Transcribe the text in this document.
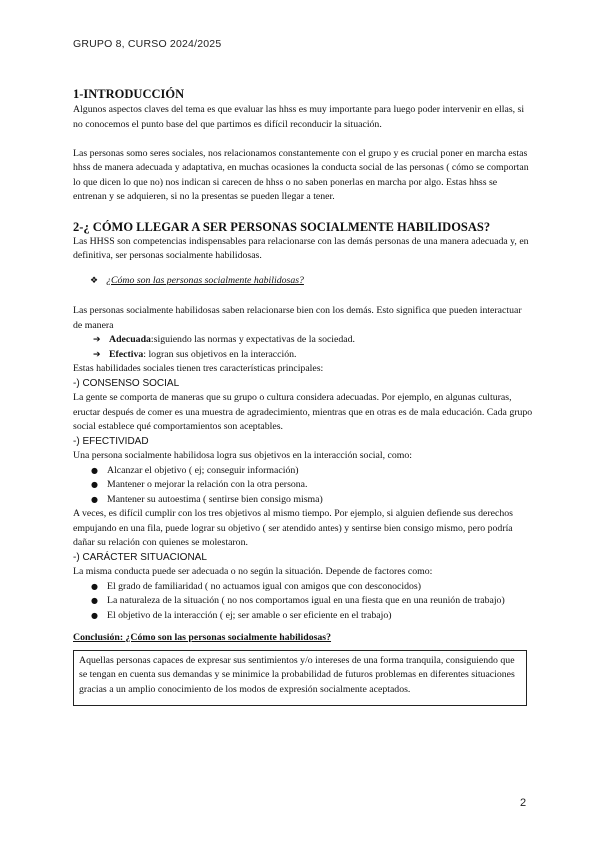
GRUPO 8, CURSO 2024/2025
1-INTRODUCCIÓN

Algunos aspectos claves del tema es que evaluar las hhss es muy importante para luego poder intervenir en ellas, si no conocemos el punto base del que partimos es difícil reconducir la situación.

Las personas somo seres sociales, nos relacionamos constantemente con el grupo y es crucial poner en marcha estas hhss de manera adecuada y adaptativa, en muchas ocasiones la conducta social de las personas ( cómo se comportan lo que dicen lo que no) nos indican si carecen de hhss o no saben ponerlas en marcha por algo. Estas hhss se entrenan y se adquieren, si no la presentas se pueden llegar a tener.

2-¿ CÓMO LLEGAR A SER PERSONAS SOCIALMENTE HABILIDOSAS?

Las HHSS son competencias indispensables para relacionarse con las demás personas de una manera adecuada y, en definitiva, ser personas socialmente habilidosas.

❖ ¿Cómo son las personas socialmente habilidosas?

Las personas socialmente habilidosas saben relacionarse bien con los demás. Esto significa que pueden interactuar de manera

➔ Adecuada:siguiendo las normas y expectativas de la sociedad.
➔ Efectiva: logran sus objetivos en la interacción.

Estas habilidades sociales tienen tres características principales:

-) CONSENSO SOCIAL

La gente se comporta de maneras que su grupo o cultura considera adecuadas. Por ejemplo, en algunas culturas, eructar después de comer es una muestra de agradecimiento, mientras que en otras es de mala educación. Cada grupo social establece qué comportamientos son aceptables.

-) EFECTIVIDAD

Una persona socialmente habilidosa logra sus objetivos en la interacción social, como:

● Alcanzar el objetivo ( ej; conseguir información)
● Mantener o mejorar la relación con la otra persona.
● Mantener su autoestima ( sentirse bien consigo misma)

A veces, es difícil cumplir con los tres objetivos al mismo tiempo. Por ejemplo, si alguien defiende sus derechos empujando en una fila, puede lograr su objetivo ( ser atendido antes) y sentirse bien consigo mismo, pero podría dañar su relación con quienes se molestaron.

-) CARÁCTER SITUACIONAL

La misma conducta puede ser adecuada o no según la situación. Depende de factores como:

● El grado de familiaridad ( no actuamos igual con amigos que con desconocidos)
● La naturaleza de la situación ( no nos comportamos igual en una fiesta que en una reunión de trabajo)
● El objetivo de la interacción ( ej; ser amable o ser eficiente en el trabajo)
Conclusión: ¿Cómo son las personas socialmente habilidosas?

Aquellas personas capaces de expresar sus sentimientos y/o intereses de una forma tranquila, consiguiendo que se tengan en cuenta sus demandas y se minimice la probabilidad de futuros problemas en diferentes situaciones gracias a un amplio conocimiento de los modos de expresión socialmente aceptados.

2
